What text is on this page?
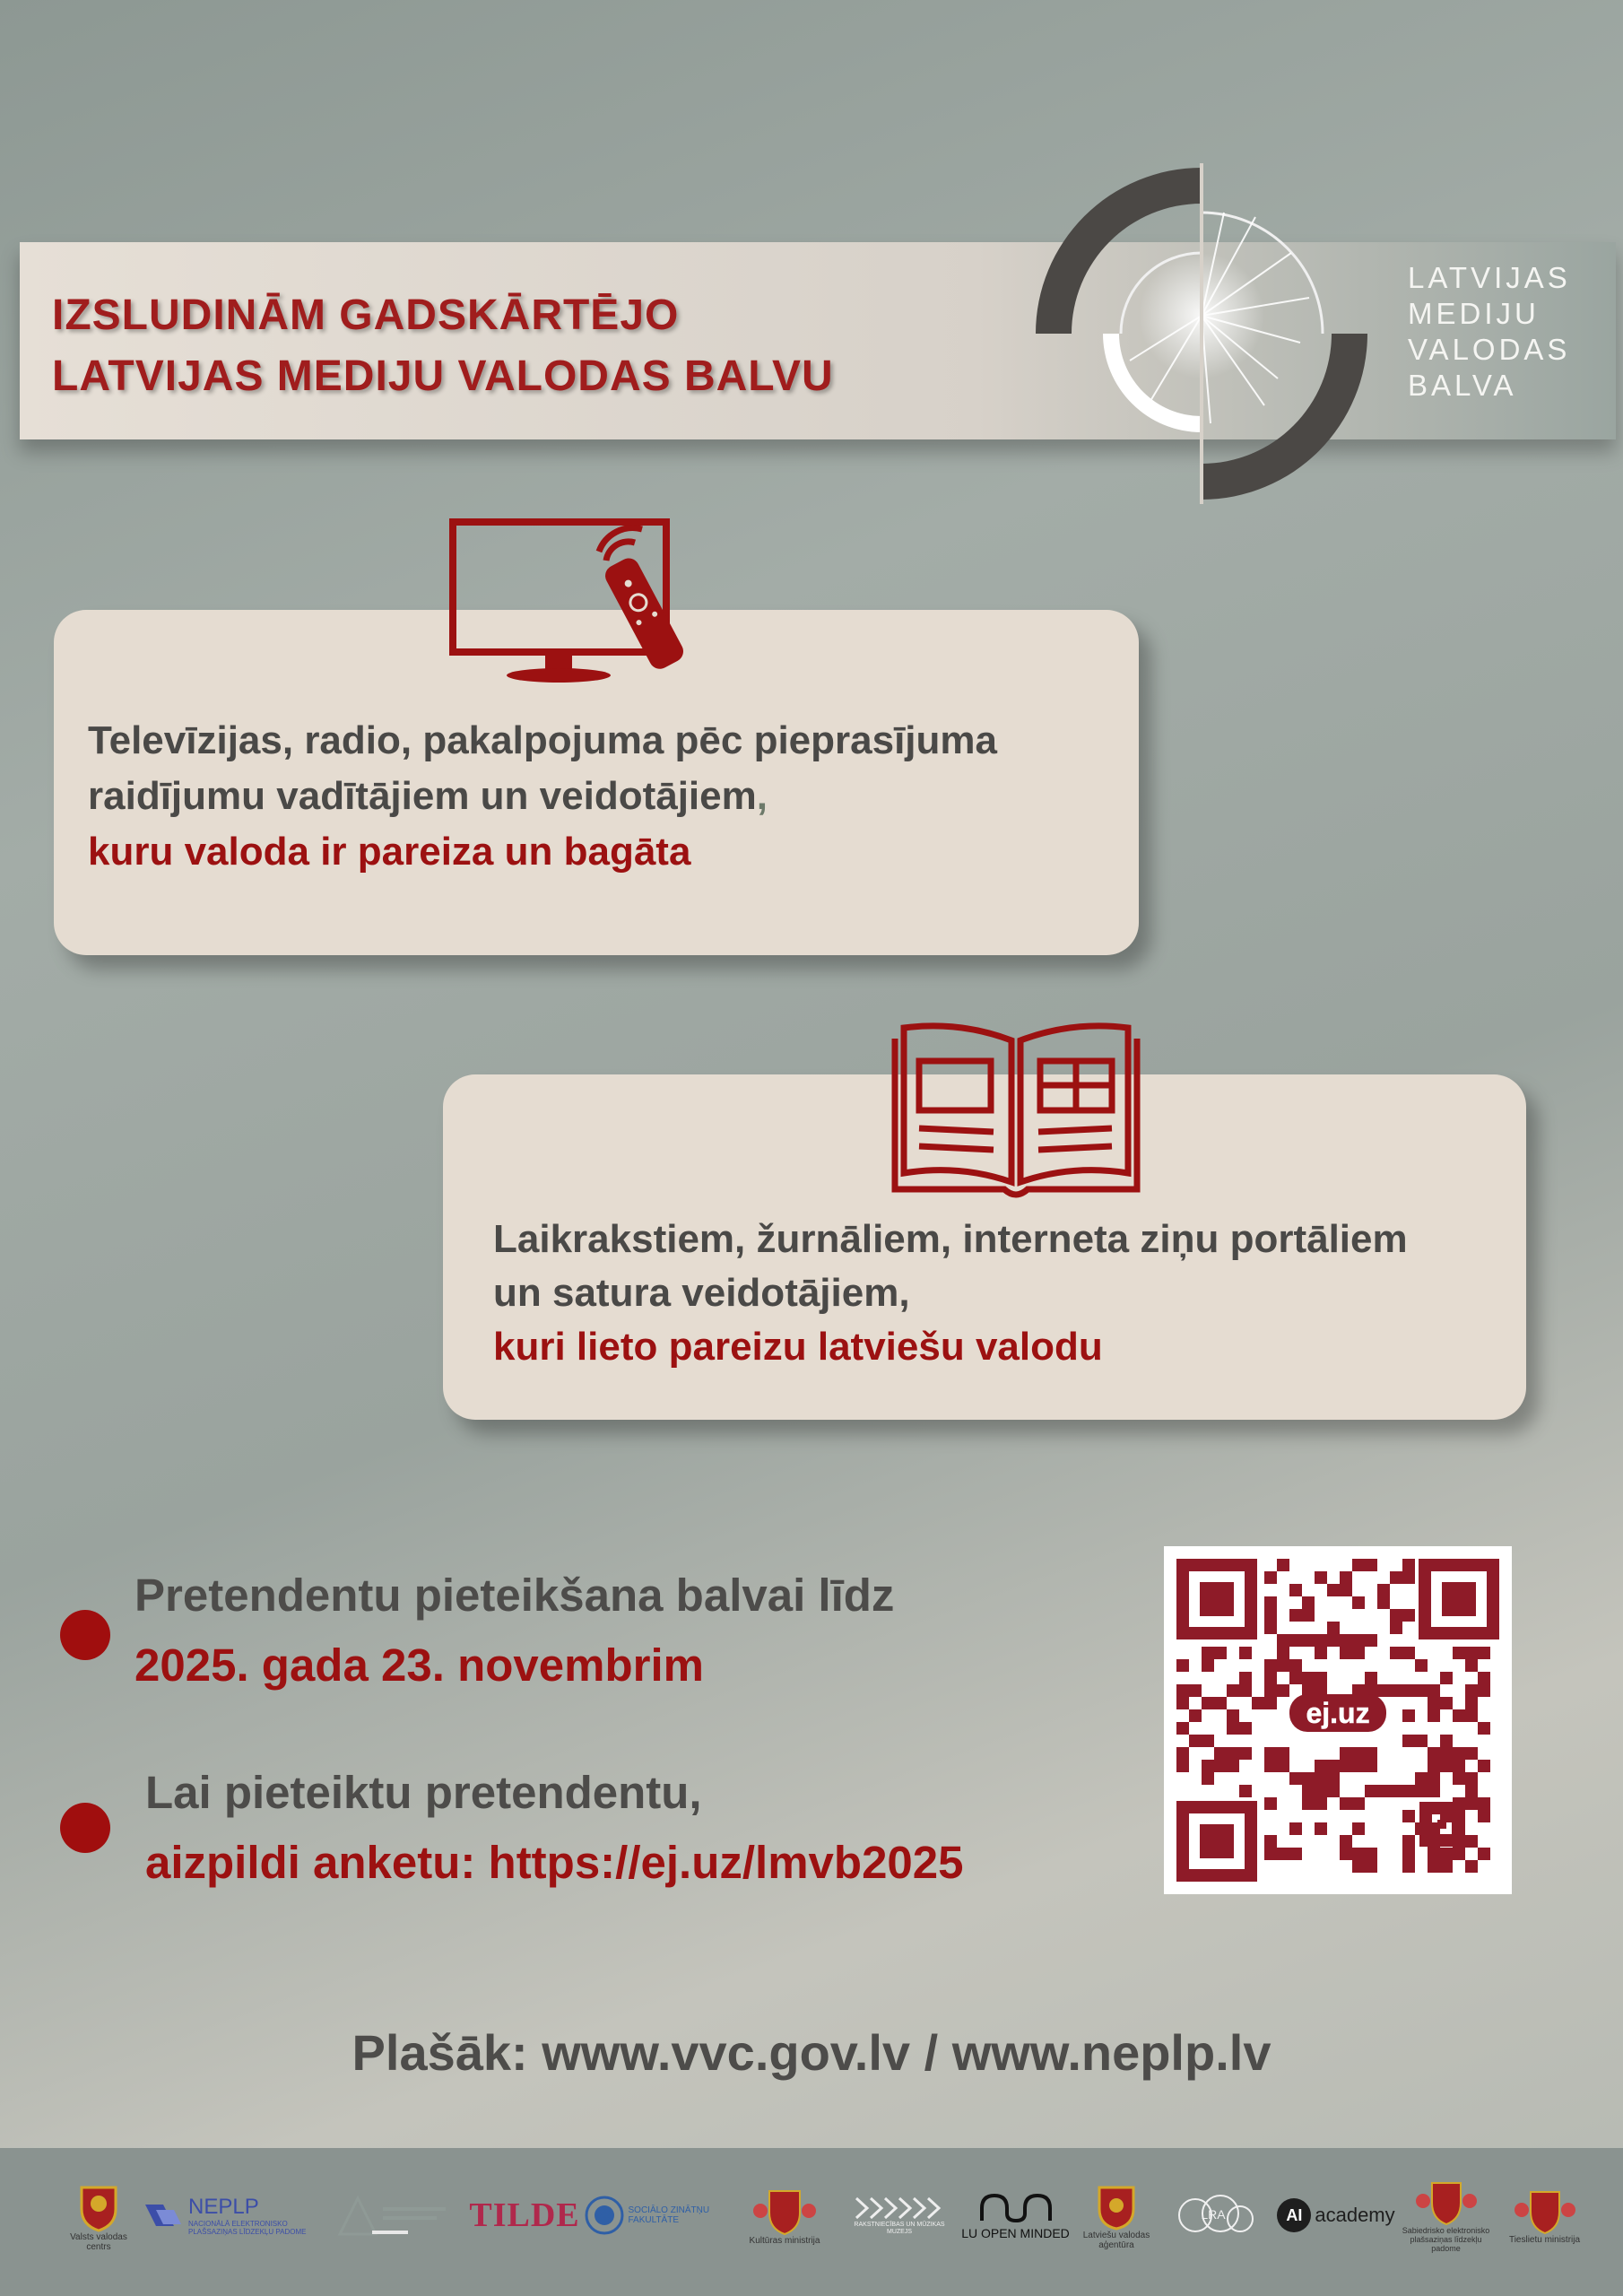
IZSLUDINĀM GADSKĀRTĒJO
LATVIJAS MEDIJU VALODAS BALVU
LATVIJAS
MEDIJU
VALODAS
BALVA
Televīzijas, radio, pakalpojuma pēc pieprasījuma
raidījumu vadītājiem un veidotājiem,
kuru valoda ir pareiza un bagāta
Laikrakstiem, žurnāliem, interneta ziņu portāliem
un satura veidotājiem,
kuri lieto pareizu latviešu valodu
Pretendentu pieteikšana balvai līdz
2025. gada 23. novembrim
Lai pieteiktu pretendentu,
aizpildi anketu: https://ej.uz/lmvb2025
ej.uz
Plašāk: www.vvc.gov.lv / www.neplp.lv
Valsts valodas centrs
NEPLP
NACIONĀLĀ ELEKTRONISKO PLAŠSAZIŅAS LĪDZEKĻU PADOME	TILDE	SOCIĀLO ZINĀTŅU FAKULTĀTE
Kultūras ministrija
RAKSTNIECĪBAS UN MŪZIKAS MUZEJS	LU OPEN MINDED Latviešu valodas aģentūra
LRA	AI academy
Sabiedrisko elektronisko plašsaziņas līdzekļu padome
Tieslietu ministrija
